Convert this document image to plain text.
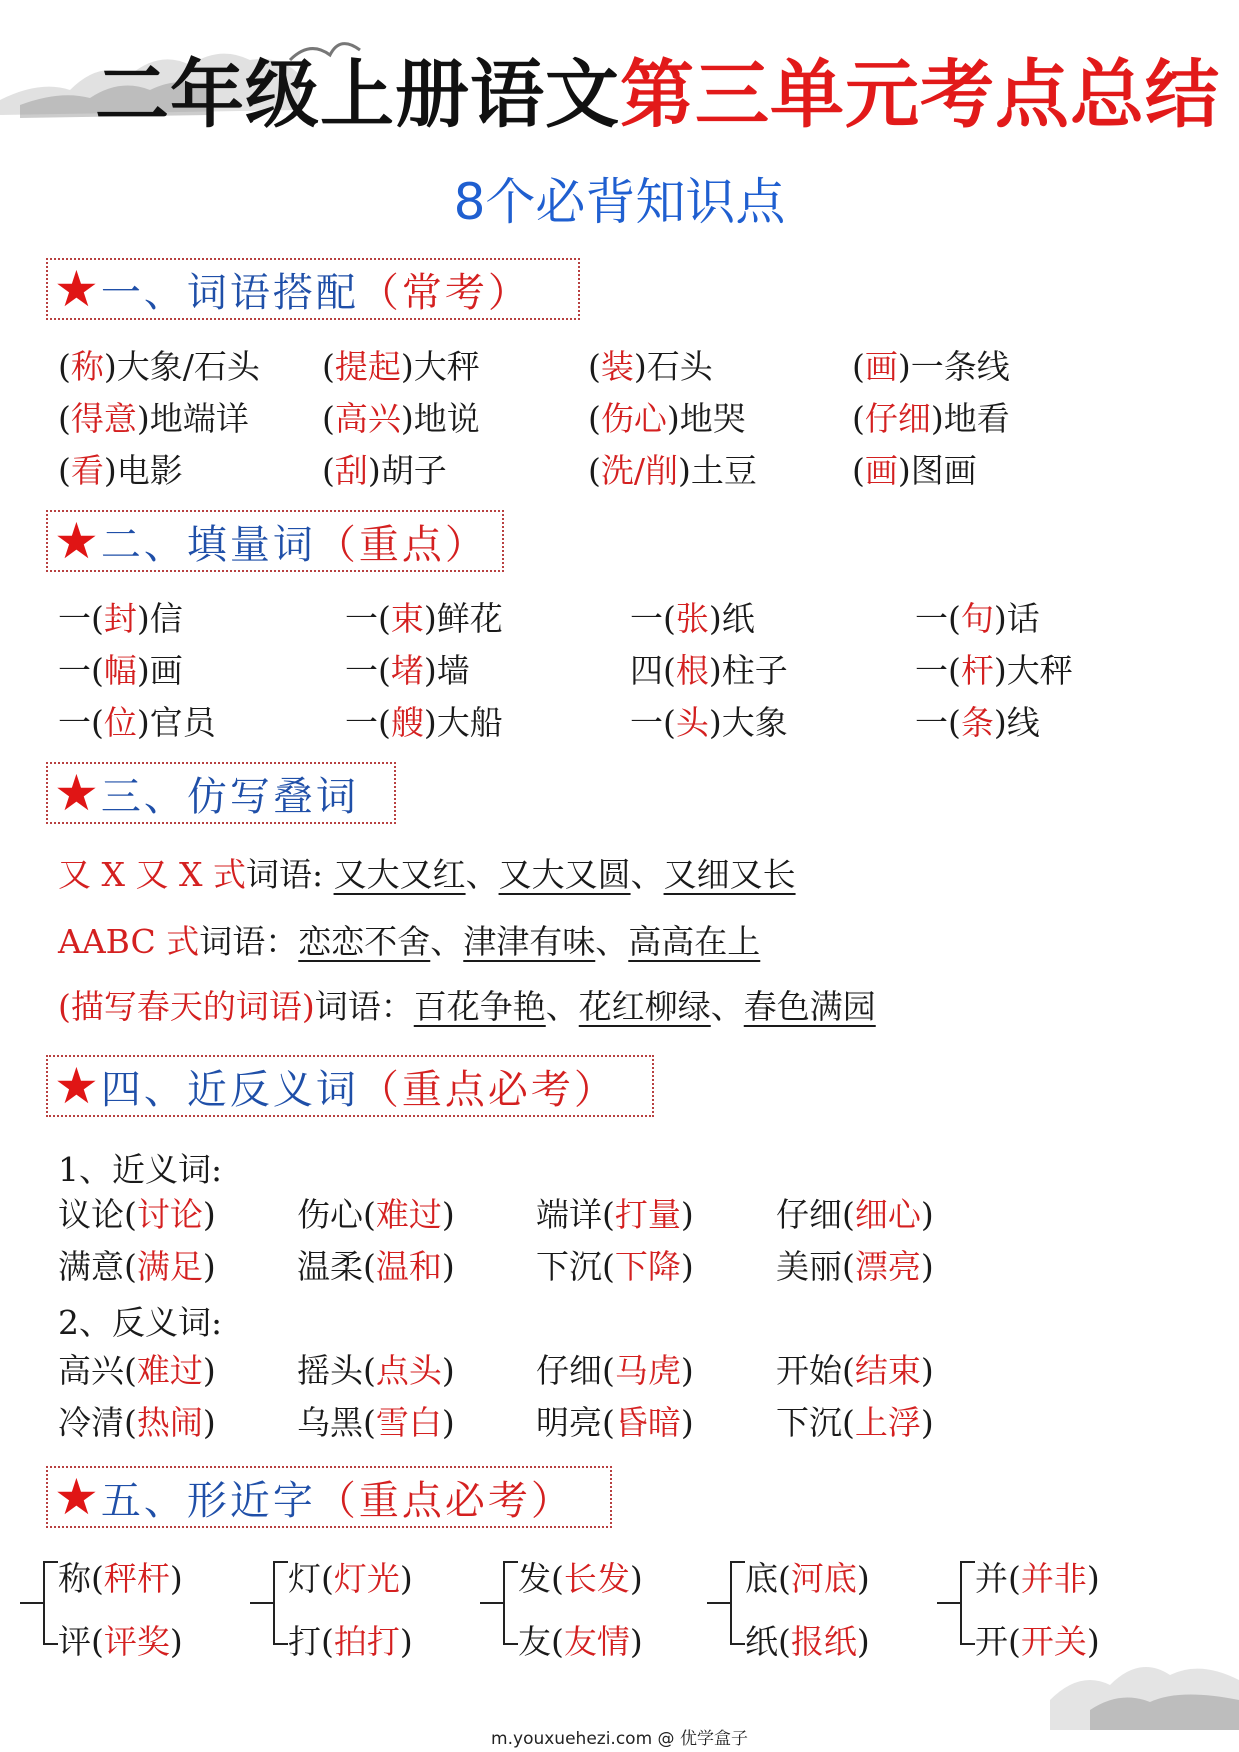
二年级上册语文第三单元考点总结
8个必背知识点
★ 一、词语搭配 （常考）
(称)大象/石头 (提起)大秤	(装)石头	(画)一条线
(得意)地端详 (高兴)地说	(伤心)地哭	(仔细)地看
(看)电影	(刮)胡子	(洗/削)土豆	(画)图画
★ 二、填量词 （重点）
一(封)信	一(束)鲜花	一(张)纸	一(句)话
一(幅)画	一(堵)墙	四(根)柱子	一(杆)大秤
一(位)官员	一(艘)大船	一(头)大象	一(条)线
★ 三、仿写叠词
又 X 又 X 式词语: 又大又红、又大又圆、又细又长
AABC 式词语：恋恋不舍、津津有味、高高在上
(描写春天的词语)词语：百花争艳、花红柳绿、春色满园
★ 四、近反义词 （重点必考）
1、近义词:
议论(讨论) 伤心(难过) 端详(打量) 仔细(细心)
满意(满足) 温柔(温和) 下沉(下降) 美丽(漂亮)
2、反义词:
高兴(难过) 摇头(点头) 仔细(马虎) 开始(结束)
冷清(热闹) 乌黑(雪白) 明亮(昏暗) 下沉(上浮)
★ 五、形近字 （重点必考）
称(秤杆)
评(评奖)
灯(灯光)
打(拍打)
发(长发)
友(友情)
底(河底)
纸(报纸)
并(并非)
开(开关)
m.youxuehezi.com @ 优学盒子
